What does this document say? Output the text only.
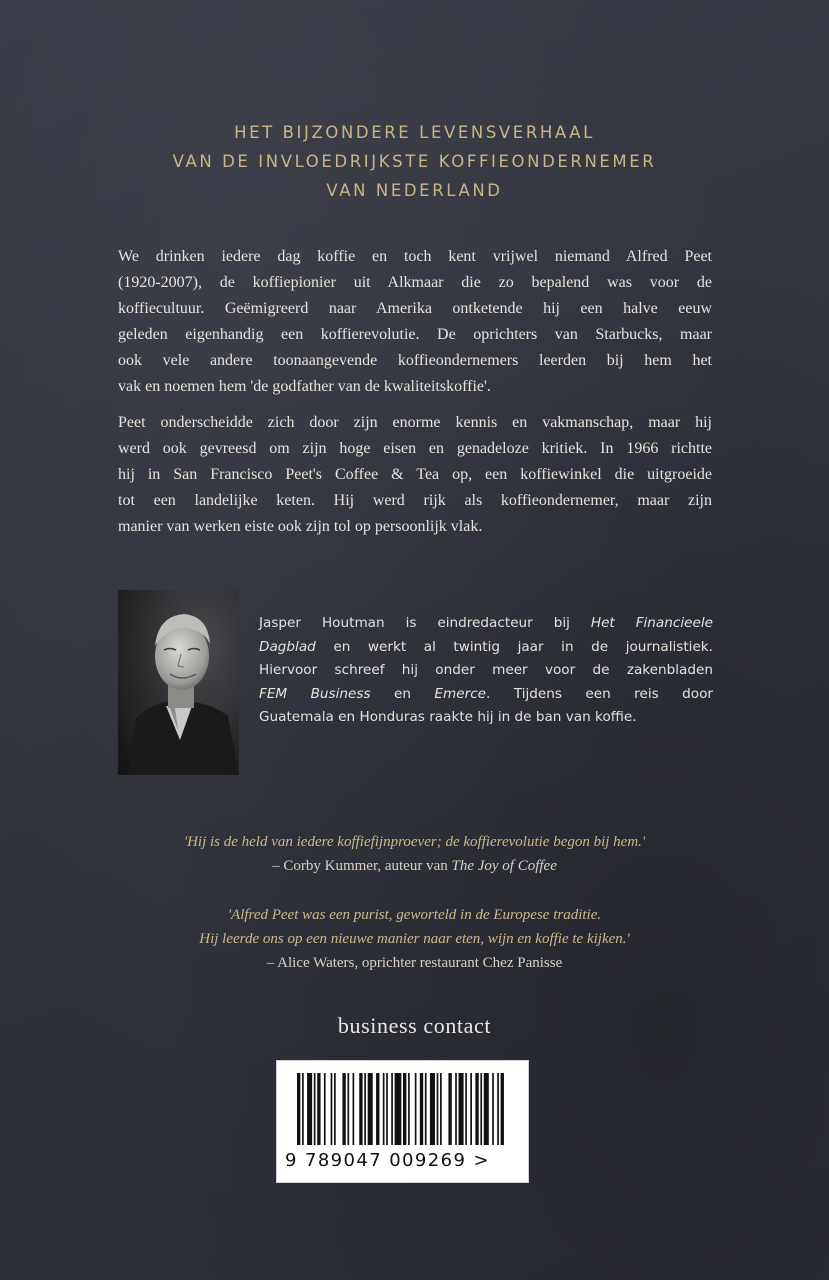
HET BIJZONDERE LEVENSVERHAAL
VAN DE INVLOEDRIJKSTE KOFFIEONDERNEMER
VAN NEDERLAND
We drinken iedere dag koffie en toch kent vrijwel niemand Alfred Peet
(1920-2007), de koffiepionier uit Alkmaar die zo bepalend was voor de
koffiecultuur. Geëmigreerd naar Amerika ontketende hij een halve eeuw
geleden eigenhandig een koffierevolutie. De oprichters van Starbucks, maar
ook vele andere toonaangevende koffieondernemers leerden bij hem het
vak en noemen hem 'de godfather van de kwaliteitskoffie'.
Peet onderscheidde zich door zijn enorme kennis en vakmanschap, maar hij
werd ook gevreesd om zijn hoge eisen en genadeloze kritiek. In 1966 richtte
hij in San Francisco Peet's Coffee & Tea op, een koffiewinkel die uitgroeide
tot een landelijke keten. Hij werd rijk als koffieondernemer, maar zijn
manier van werken eiste ook zijn tol op persoonlijk vlak.
Jasper Houtman is eindredacteur bij Het Financieele
Dagblad en werkt al twintig jaar in de journalistiek.
Hiervoor schreef hij onder meer voor de zakenbladen
FEM Business en Emerce. Tijdens een reis door
Guatemala en Honduras raakte hij in de ban van koffie.
'Hij is de held van iedere koffiefijnproever; de koffierevolutie begon bij hem.'
– Corby Kummer, auteur van The Joy of Coffee
'Alfred Peet was een purist, geworteld in de Europese traditie.
Hij leerde ons op een nieuwe manier naar eten, wijn en koffie te kijken.'
– Alice Waters, oprichter restaurant Chez Panisse
business contact
9 789047 009269 >
